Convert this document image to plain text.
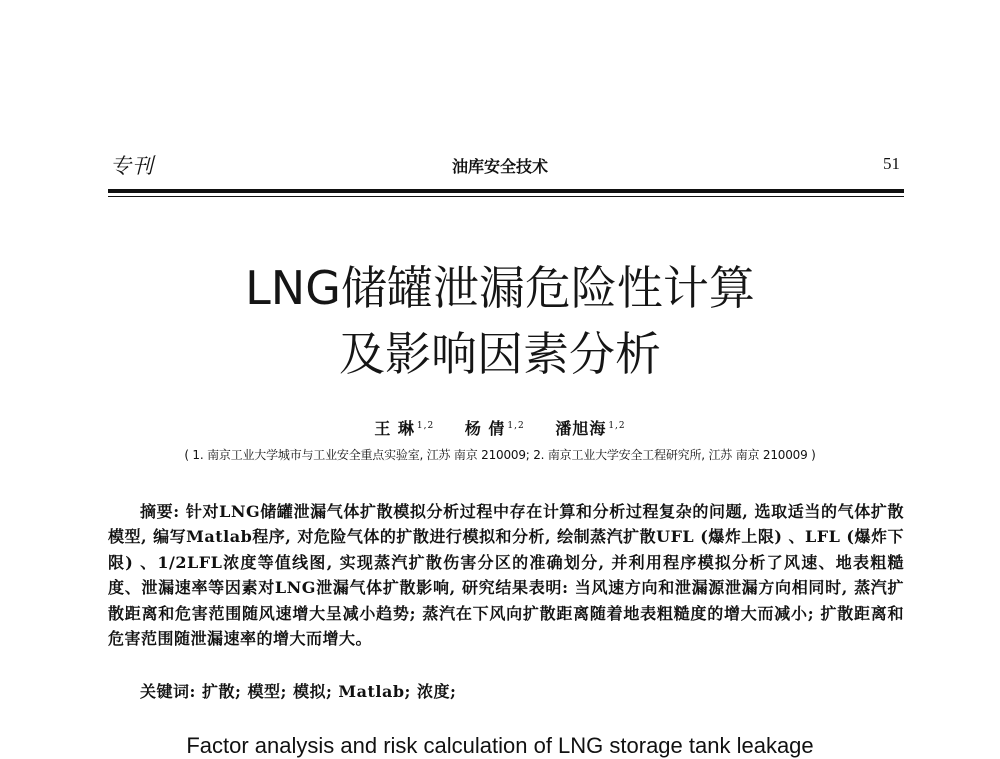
专刊	油库安全技术	51
LNG储罐泄漏危险性计算
及影响因素分析
王 琳 $^{1,2}$ 杨 倩 $^{1,2}$ 潘旭海 $^{1,2}$
( 1. 南京工业大学城市与工业安全重点实验室, 江苏 南京 210009; 2. 南京工业大学安全工程研究所, 江苏 南京 210009 )
摘要: 针对LNG储罐泄漏气体扩散模拟分析过程中存在计算和分析过程复杂的问题, 选取适当的气体扩散模型, 编写Matlab程序, 对危险气体的扩散进行模拟和分析, 绘制蒸汽扩散UFL (爆炸上限) 、LFL (爆炸下限) 、1/2LFL浓度等值线图, 实现蒸汽扩散伤害分区的准确划分, 并利用程序模拟分析了风速、地表粗糙度、泄漏速率等因素对LNG泄漏气体扩散影响, 研究结果表明: 当风速方向和泄漏源泄漏方向相同时, 蒸汽扩散距离和危害范围随风速增大呈减小趋势; 蒸汽在下风向扩散距离随着地表粗糙度的增大而减小; 扩散距离和危害范围随泄漏速率的增大而增大。
关键词: 扩散; 模型; 模拟; Matlab; 浓度;
Factor analysis and risk calculation of LNG storage tank leakage
